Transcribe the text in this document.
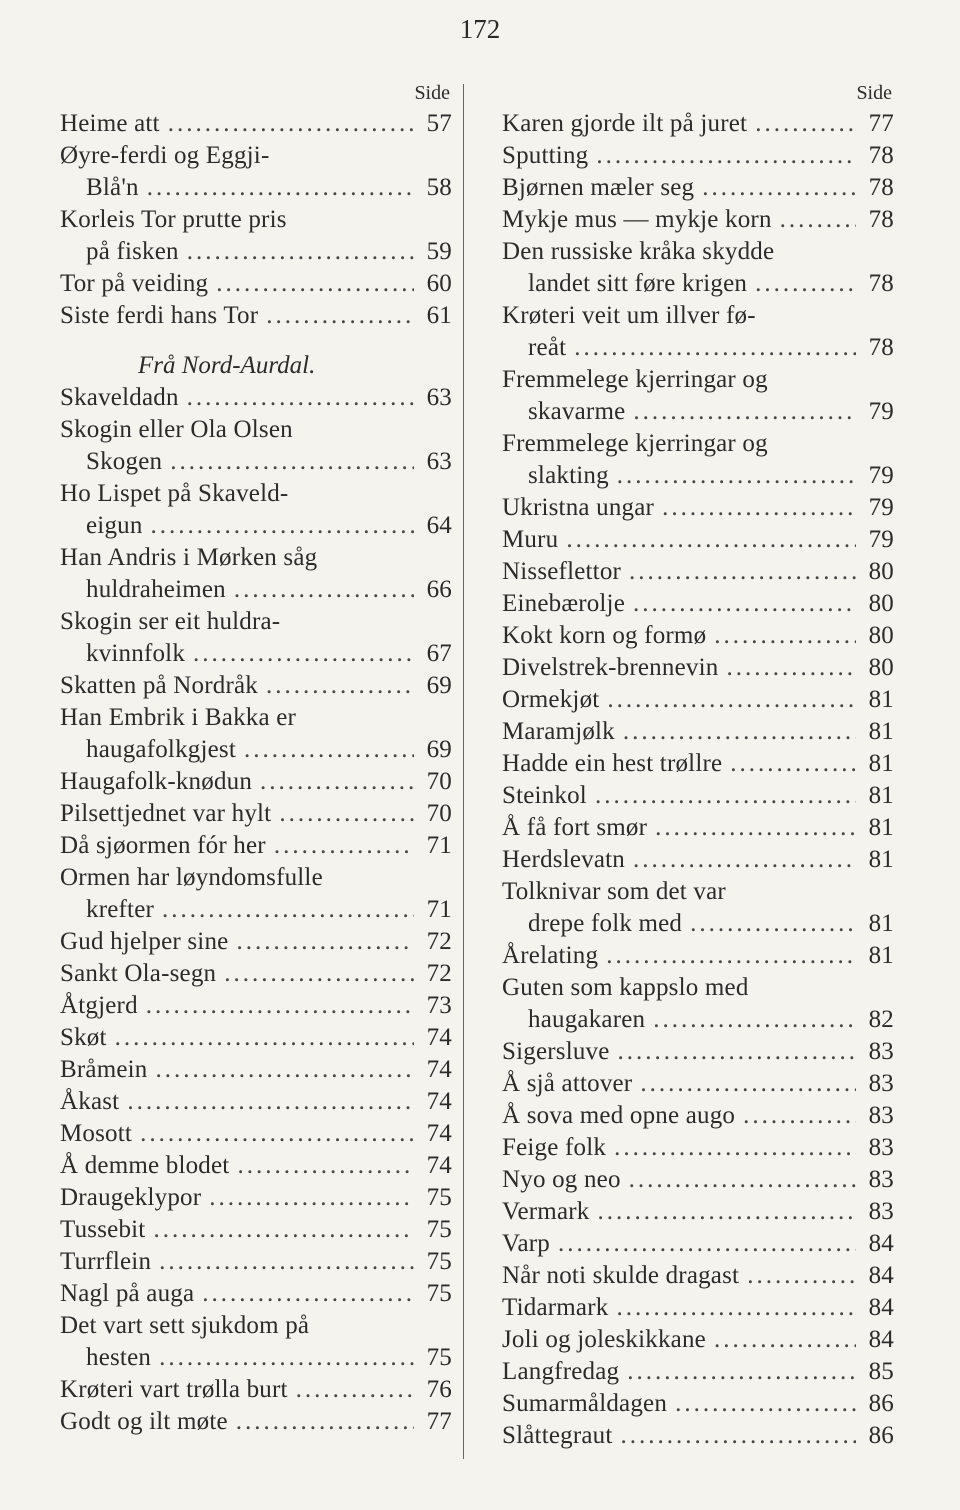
172
Side
Heime att .....	57
Øyre-ferdi og Eggji-
Blå'n .....	58
Korleis Tor prutte pris
på fisken .....	59
Tor på veiding .....	60
Siste ferdi hans Tor .....	61
Frå Nord-Aurdal.
Skaveldadn .....	63
Skogin eller Ola Olsen
Skogen .....	63
Ho Lispet på Skaveld-
eigun .....	64
Han Andris i Mørken såg
huldraheimen .....	66
Skogin ser eit huldra-
kvinnfolk .....	67
Skatten på Nordråk .....	69
Han Embrik i Bakka er
haugafolkgjest .....	69
Haugafolk-knødun .....	70
Pilsettjednet var hylt .....	70
Då sjøormen fór her .....	71
Ormen har løyndomsfulle
krefter .....	71
Gud hjelper sine .....	72
Sankt Ola-segn .....	72
Åtgjerd .....	73
Skøt .....	74
Bråmein .....	74
Åkast .....	74
Mosott .....	74
Å demme blodet .....	74
Draugeklypor .....	75
Tussebit .....	75
Turrflein .....	75
Nagl på auga .....	75
Det vart sett sjukdom på
hesten .....	75
Krøteri vart trølla burt .....	76
Godt og ilt møte .....	77
Side
Karen gjorde ilt på juret .....	77
Sputting .....	78
Bjørnen mæler seg .....	78
Mykje mus — mykje korn .....	78
Den russiske kråka skydde
landet sitt føre krigen .....	78
Krøteri veit um illver fø-
reåt .....	78
Fremmelege kjerringar og
skavarme .....	79
Fremmelege kjerringar og
slakting .....	79
Ukristna ungar .....	79
Muru .....	79
Nisseflettor .....	80
Einebærolje .....	80
Kokt korn og formø .....	80
Divelstrek-brennevin .....	80
Ormekjøt .....	81
Maramjølk .....	81
Hadde ein hest trøllre .....	81
Steinkol .....	81
Å få fort smør .....	81
Herdslevatn .....	81
Tolknivar som det var
drepe folk med .....	81
Årelating .....	81
Guten som kappslo med
haugakaren .....	82
Sigersluve .....	83
Å sjå attover .....	83
Å sova med opne augo .....	83
Feige folk .....	83
Nyo og neo .....	83
Vermark .....	83
Varp .....	84
Når noti skulde dragast .....	84
Tidarmark .....	84
Joli og joleskikkane .....	84
Langfredag .....	85
Sumarmåldagen .....	86
Slåttegraut .....	86
